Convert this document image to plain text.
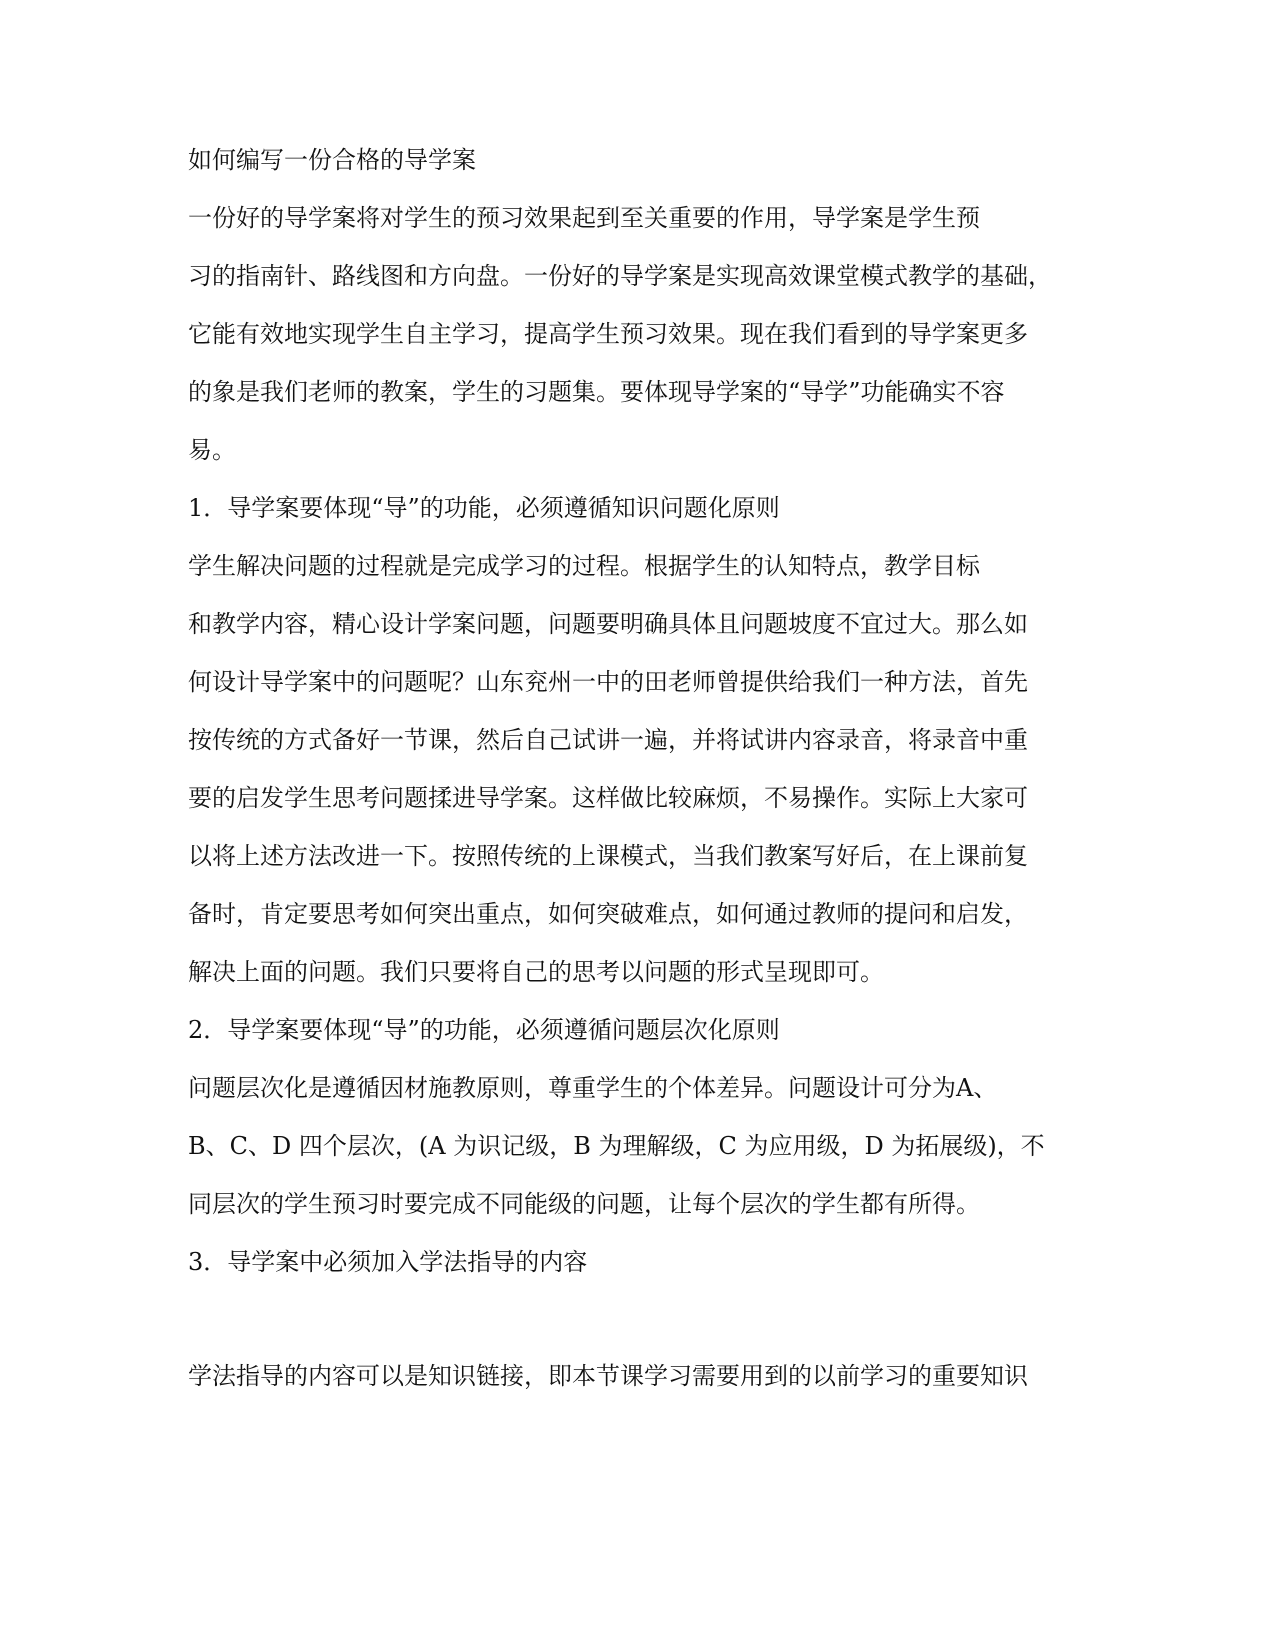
如何编写一份合格的导学案

一份好的导学案将对学生的预习效果起到至关重要的作用，导学案是学生预

习的指南针、路线图和方向盘。一份好的导学案是实现高效课堂模式教学的基础，

它能有效地实现学生自主学习，提高学生预习效果。现在我们看到的导学案更多

的象是我们老师的教案，学生的习题集。要体现导学案的“导学”功能确实不容

易。

1．导学案要体现“导”的功能，必须遵循知识问题化原则

学生解决问题的过程就是完成学习的过程。根据学生的认知特点，教学目标

和教学内容，精心设计学案问题，问题要明确具体且问题坡度不宜过大。那么如

何设计导学案中的问题呢？山东兖州一中的田老师曾提供给我们一种方法，首先

按传统的方式备好一节课，然后自己试讲一遍，并将试讲内容录音，将录音中重

要的启发学生思考问题揉进导学案。这样做比较麻烦，不易操作。实际上大家可

以将上述方法改进一下。按照传统的上课模式，当我们教案写好后，在上课前复

备时，肯定要思考如何突出重点，如何突破难点，如何通过教师的提问和启发，

解决上面的问题。我们只要将自己的思考以问题的形式呈现即可。

2．导学案要体现“导”的功能，必须遵循问题层次化原则

问题层次化是遵循因材施教原则，尊重学生的个体差异。问题设计可分为A、

B、C、D 四个层次，(A 为识记级，B 为理解级，C 为应用级，D 为拓展级)，不

同层次的学生预习时要完成不同能级的问题，让每个层次的学生都有所得。

3．导学案中必须加入学法指导的内容

学法指导的内容可以是知识链接，即本节课学习需要用到的以前学习的重要知识
